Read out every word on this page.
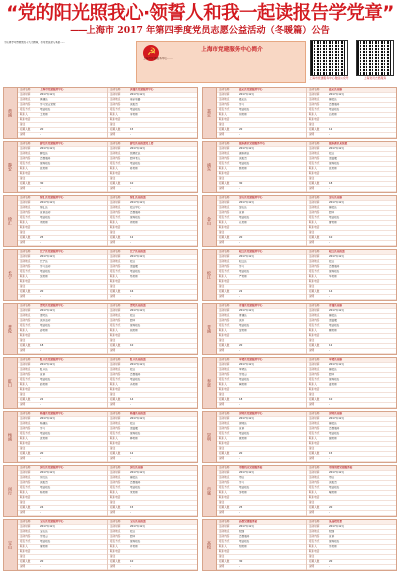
“党的阳光照我心·领誓人和我一起读报告学党章”
——上海市 2017 年第四季度党员志愿公益活动（冬暖篇）公告
为认真学习贯彻党的十九大精神，引导党员深入基层……
☭	上海市党建服务中心简介
上海市党建服务中心……
上海市党建服务中心微信公众号	上海党员志愿服务
黄浦
活动名称	上海市党建服务中心
活动时间	2017年12月
活动地点	黄浦区
活动内容	学习党章党规
报名方式	电话报名
联系人	王老师
联系电话
备注
招募人数	20
说明	-
活动名称	黄浦区党建服务中心
活动时间	2017年12月
活动地点	南京东路
活动内容	读报告
报名方式	电话报名
联系人	李老师
联系电话
备注
招募人数	15
说明	-
静安
活动名称	静安区党建服务中心
活动时间	2017年12月
活动地点	静安区
活动内容	志愿服务
报名方式	现场报名
联系人	张老师
联系电话
备注
招募人数	30
说明	-
活动名称	静安区某街道党工委
活动时间	2017年12月
活动地点	街道社区
活动内容	慰问老人
报名方式	电话报名
联系人	陈老师
联系电话
备注
招募人数	10
说明	-
徐汇
活动名称	徐汇区党建服务中心
活动时间	2017年12月
活动地点	徐汇区
活动内容	宣讲活动
报名方式	电话报名
联系人	刘老师
联系电话
备注
招募人数	25
说明	-
活动名称	徐汇区某街道
活动时间	2017年12月
活动地点	社区中心
活动内容	志愿服务
报名方式	现场报名
联系人	周老师
联系电话
备注
招募人数	12
说明	-
长宁
活动名称	长宁区党建服务中心
活动时间	2017年12月
活动地点	长宁区
活动内容	学习活动
报名方式	电话报名
联系人	吴老师
联系电话
备注
招募人数	20
说明	-
活动名称	长宁区某街道
活动时间	2017年12月
活动地点	社区
活动内容	送温暖
报名方式	电话报名
联系人	郑老师
联系电话
备注
招募人数	16
说明	-
普陀
活动名称	普陀区党建服务中心
活动时间	2017年12月
活动地点	普陀区
活动内容	读书活动
报名方式	电话报名
联系人	孙老师
联系电话
备注
招募人数	18
说明	-
活动名称	普陀区某街道
活动时间	2017年12月
活动地点	社区
活动内容	慰问
报名方式	现场报名
联系人	钱老师
联系电话
备注
招募人数	10
说明	-
虹口
活动名称	虹口区党建服务中心
活动时间	2017年12月
活动地点	虹口区
活动内容	宣讲
报名方式	电话报名
联系人	赵老师
联系电话
备注
招募人数	22
说明	-
活动名称	虹口区某街道
活动时间	2017年12月
活动地点	社区
活动内容	志愿服务
报名方式	电话报名
联系人	冯老师
联系电话
备注
招募人数	14
说明	-
杨浦
活动名称	杨浦区党建服务中心
活动时间	2017年12月
活动地点	杨浦区
活动内容	学习
报名方式	电话报名
联系人	沈老师
联系电话
备注
招募人数	20
说明	-
活动名称	杨浦区某街道
活动时间	2017年12月
活动地点	社区
活动内容	送温暖
报名方式	现场报名
联系人	韩老师
联系电话
备注
招募人数	12
说明	-
闵行
活动名称	闵行区党建服务中心
活动时间	2017年12月
活动地点	闵行区
活动内容	读报告
报名方式	电话报名
联系人	杨老师
联系电话
备注
招募人数	24
说明	-
活动名称	闵行区某镇
活动时间	2017年12月
活动地点	镇社区
活动内容	志愿服务
报名方式	电话报名
联系人	朱老师
联系电话
备注
招募人数	15
说明	-
宝山
活动名称	宝山区党建服务中心
活动时间	2017年12月
活动地点	宝山区
活动内容	学党章
报名方式	电话报名
联系人	秦老师
联系电话
备注
招募人数	20
说明	-
活动名称	宝山区某街道
活动时间	2017年12月
活动地点	社区
活动内容	慰问
报名方式	现场报名
联系人	许老师
联系电话
备注
招募人数	10
说明	-
嘉定
活动名称	嘉定区党建服务中心
活动时间	2017年12月
活动地点	嘉定区
活动内容	学习
报名方式	电话报名
联系人	何老师
联系电话
备注
招募人数	20
说明	-
活动名称	嘉定区某镇
活动时间	2017年12月
活动地点	镇社区
活动内容	志愿服务
报名方式	电话报名
联系人	吕老师
联系电话
备注
招募人数	12
说明	-
浦东
活动名称	浦东新区党建服务中心
活动时间	2017年12月
活动地点	浦东新区
活动内容	读报告
报名方式	电话报名
联系人	施老师
联系电话
备注
招募人数	30
说明	-
活动名称	浦东新区某街道
活动时间	2017年12月
活动地点	社区
活动内容	送温暖
报名方式	现场报名
联系人	张老师
联系电话
备注
招募人数	18
说明	-
金山
活动名称	金山区党建服务中心
活动时间	2017年12月
活动地点	金山区
活动内容	宣讲
报名方式	电话报名
联系人	孔老师
联系电话
备注
招募人数	20
说明	-
活动名称	金山区某镇
活动时间	2017年12月
活动地点	镇社区
活动内容	慰问
报名方式	电话报名
联系人	曹老师
联系电话
备注
招募人数	10
说明	-
松江
活动名称	松江区党建服务中心
活动时间	2017年12月
活动地点	松江区
活动内容	学习
报名方式	电话报名
联系人	严老师
联系电话
备注
招募人数	22
说明	-
活动名称	松江区某街道
活动时间	2017年12月
活动地点	社区
活动内容	志愿服务
报名方式	现场报名
联系人	华老师
联系电话
备注
招募人数	14
说明	-
青浦
活动名称	青浦区党建服务中心
活动时间	2017年12月
活动地点	青浦区
活动内容	读书
报名方式	电话报名
联系人	金老师
联系电话
备注
招募人数	20
说明	-
活动名称	青浦区某镇
活动时间	2017年12月
活动地点	镇社区
活动内容	送温暖
报名方式	电话报名
联系人	魏老师
联系电话
备注
招募人数	12
说明	-
奉贤
活动名称	奉贤区党建服务中心
活动时间	2017年12月
活动地点	奉贤区
活动内容	学党章
报名方式	电话报名
联系人	陶老师
联系电话
备注
招募人数	18
说明	-
活动名称	奉贤区某镇
活动时间	2017年12月
活动地点	镇社区
活动内容	慰问
报名方式	现场报名
联系人	姜老师
联系电话
备注
招募人数	10
说明	-
崇明
活动名称	崇明区党建服务中心
活动时间	2017年12月
活动地点	崇明区
活动内容	宣讲
报名方式	电话报名
联系人	戚老师
联系电话
备注
招募人数	20
说明	-
活动名称	崇明区某镇
活动时间	2017年12月
活动地点	镇社区
活动内容	志愿服务
报名方式	电话报名
联系人	谢老师
联系电话
备注
招募人数	15
说明	-
市属
活动名称	市级机关党建服务站
活动时间	2017年12月
活动地点	市区
活动内容	学习
报名方式	电话报名
联系人	邹老师
联系电话
备注
招募人数	25
说明	-
活动名称	市国资委党建服务站
活动时间	2017年12月
活动地点	市区
活动内容	读报告
报名方式	电话报名
联系人	喻老师
联系电话
备注
招募人数	20
说明	-
高校
活动名称	高校党建服务站
活动时间	2017年12月
活动地点	校园
活动内容	志愿服务
报名方式	电话报名
联系人	柏老师
联系电话
备注
招募人数	30
说明	-
活动名称	某高校党委
活动时间	2017年12月
活动地点	校园
活动内容	宣讲
报名方式	现场报名
联系人	水老师
联系电话
备注
招募人数	20
说明	-
